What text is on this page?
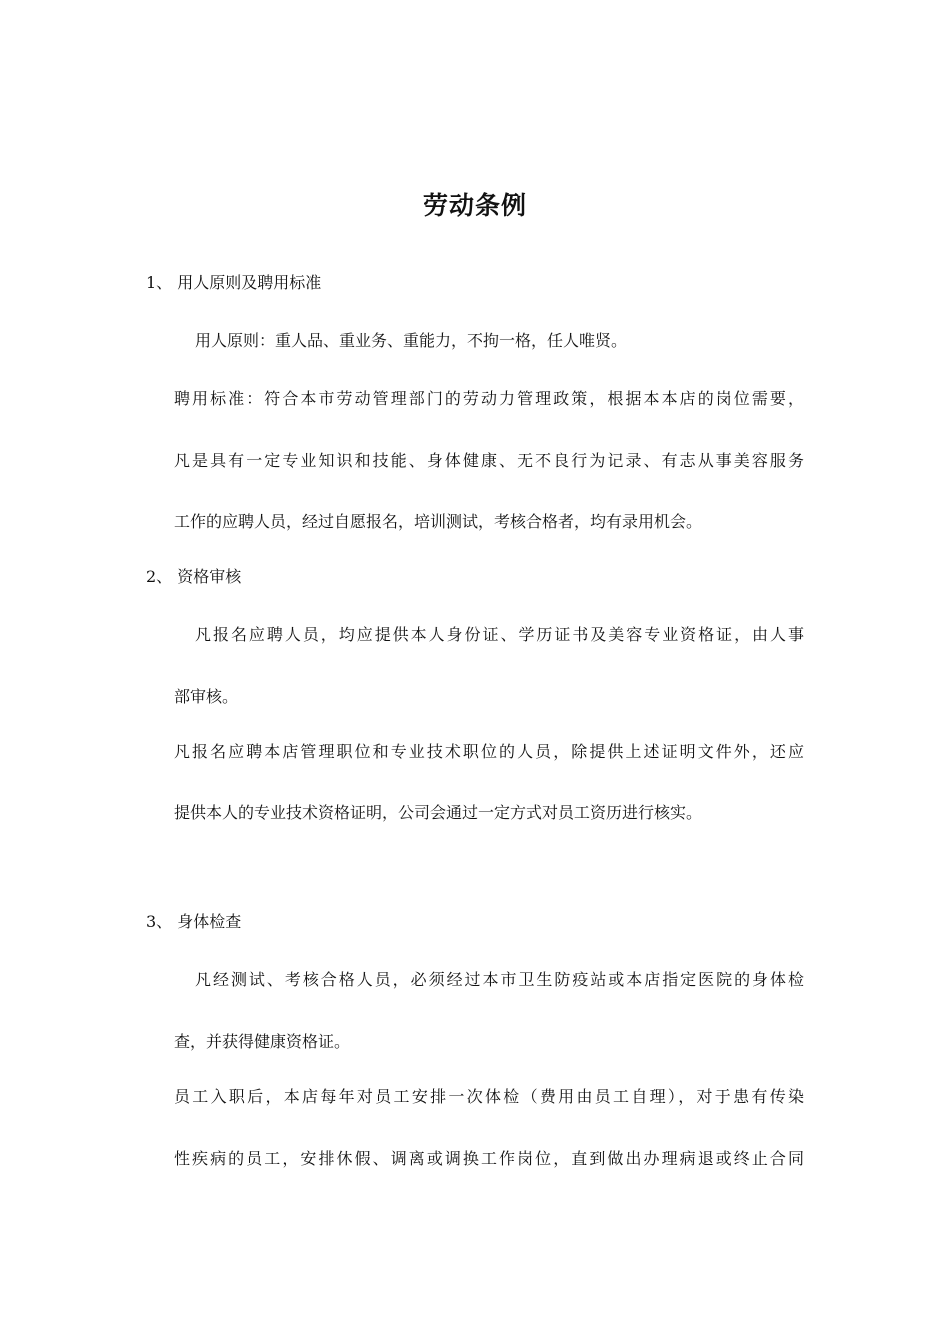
劳动条例
1、 用人原则及聘用标准
用人原则：重人品、重业务、重能力，不拘一格，任人唯贤。
聘用标准：符合本市劳动管理部门的劳动力管理政策，根据本本店的岗位需要，
凡是具有一定专业知识和技能、身体健康、无不良行为记录、有志从事美容服务
工作的应聘人员，经过自愿报名，培训测试，考核合格者，均有录用机会。
2、 资格审核
凡报名应聘人员，均应提供本人身份证、学历证书及美容专业资格证，由人事
部审核。
凡报名应聘本店管理职位和专业技术职位的人员，除提供上述证明文件外，还应
提供本人的专业技术资格证明，公司会通过一定方式对员工资历进行核实。
3、 身体检查
凡经测试、考核合格人员，必须经过本市卫生防疫站或本店指定医院的身体检
查，并获得健康资格证。
员工入职后，本店每年对员工安排一次体检（费用由员工自理），对于患有传染
性疾病的员工，安排休假、调离或调换工作岗位，直到做出办理病退或终止合同
